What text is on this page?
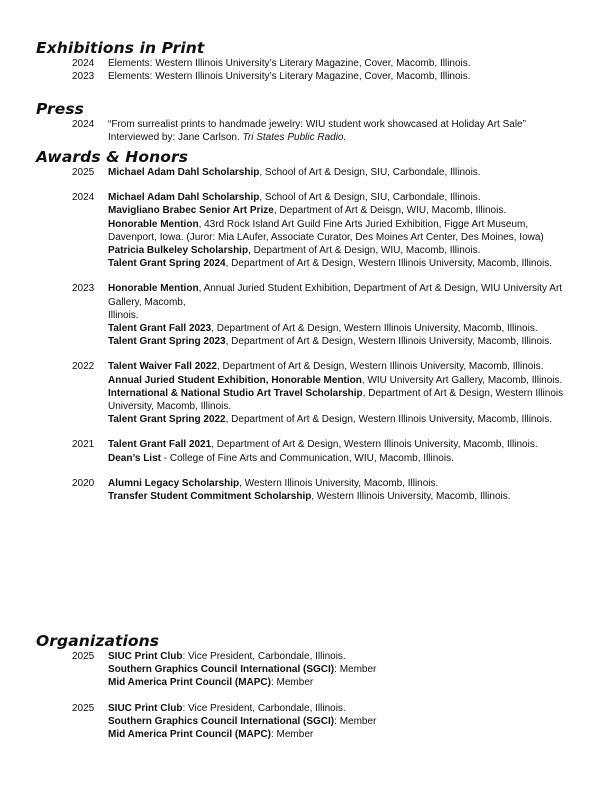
Exhibitions in Print
2024 Elements: Western Illinois University’s Literary Magazine, Cover, Macomb, Illinois.

2023 Elements: Western Illinois University’s Literary Magazine, Cover, Macomb, Illinois.

Press
2024 “From surrealist prints to handmade jewelry: WIU student work showcased at Holiday Art Sale”

Interviewed by: Jane Carlson. Tri States Public Radio.

Awards & Honors
2025 Michael Adam Dahl Scholarship, School of Art & Design, SIU, Carbondale, Illinois.

2024 Michael Adam Dahl Scholarship, School of Art & Design, SIU, Carbondale, Illinois.

Mavigliano Brabec Senior Art Prize, Department of Art & Deisgn, WIU, Macomb, Illinois.

Honorable Mention, 43rd Rock Island Art Guild Fine Arts Juried Exhibition, Figge Art Museum, Davenport, Iowa. (Juror: Mia LAufer, Associate Curator, Des Moines Art Center, Des Moines, Iowa)

Patricia Bulkeley Scholarship, Department of Art & Design, WIU, Macomb, Illinois.

Talent Grant Spring 2024, Department of Art & Design, Western Illinois University, Macomb, Illinois.

2023 Honorable Mention, Annual Juried Student Exhibition, Department of Art & Design, WIU University Art Gallery, Macomb,

Illinois.

Talent Grant Fall 2023, Department of Art & Design, Western Illinois University, Macomb, Illinois.

Talent Grant Spring 2023, Department of Art & Design, Western Illinois University, Macomb, Illinois.

2022 Talent Waiver Fall 2022, Department of Art & Design, Western Illinois University, Macomb, Illinois.

Annual Juried Student Exhibition, Honorable Mention, WIU University Art Gallery, Macomb, Illinois.

International & National Studio Art Travel Scholarship, Department of Art & Design, Western Illinois University, Macomb, Illinois.

Talent Grant Spring 2022, Department of Art & Design, Western Illinois University, Macomb, Illinois.

2021 Talent Grant Fall 2021, Department of Art & Design, Western Illinois University, Macomb, Illinois.

Dean’s List - College of Fine Arts and Communication, WIU, Macomb, Illinois.

2020 Alumni Legacy Scholarship, Western Illinois University, Macomb, Illinois.

Transfer Student Commitment Scholarship, Western Illinois University, Macomb, Illinois.

Organizations
2025 SIUC Print Club: Vice President, Carbondale, Illinois.

Southern Graphics Council International (SGCI): Member

Mid America Print Council (MAPC): Member

2025 SIUC Print Club: Vice President, Carbondale, Illinois.

Southern Graphics Council International (SGCI): Member

Mid America Print Council (MAPC): Member
